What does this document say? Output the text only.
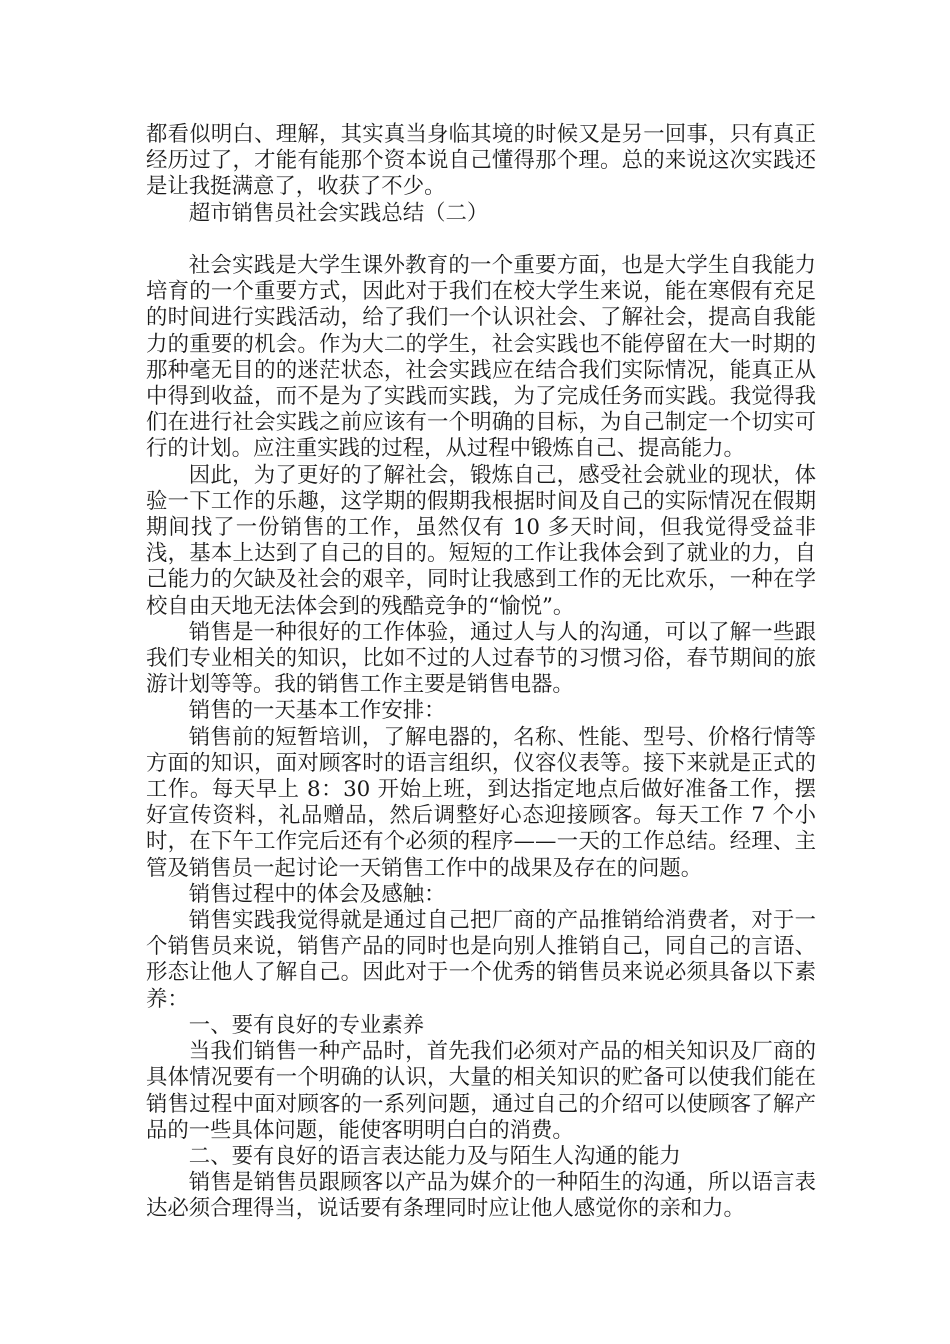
都看似明白、理解，其实真当身临其境的时候又是另一回事，只有真正经历过了，才能有能那个资本说自己懂得那个理。总的来说这次实践还是让我挺满意了，收获了不少。

超市销售员社会实践总结（二）

社会实践是大学生课外教育的一个重要方面，也是大学生自我能力培育的一个重要方式，因此对于我们在校大学生来说，能在寒假有充足的时间进行实践活动，给了我们一个认识社会、了解社会，提高自我能力的重要的机会。作为大二的学生，社会实践也不能停留在大一时期的那种毫无目的的迷茫状态，社会实践应在结合我们实际情况，能真正从中得到收益，而不是为了实践而实践，为了完成任务而实践。我觉得我们在进行社会实践之前应该有一个明确的目标，为自己制定一个切实可行的计划。应注重实践的过程，从过程中锻炼自己、提高能力。

因此，为了更好的了解社会，锻炼自己，感受社会就业的现状，体验一下工作的乐趣，这学期的假期我根据时间及自己的实际情况在假期期间找了一份销售的工作，虽然仅有 10 多天时间，但我觉得受益非浅，基本上达到了自己的目的。短短的工作让我体会到了就业的力，自己能力的欠缺及社会的艰辛，同时让我感到工作的无比欢乐，一种在学校自由天地无法体会到的残酷竞争的“愉悦”。

销售是一种很好的工作体验，通过人与人的沟通，可以了解一些跟我们专业相关的知识，比如不过的人过春节的习惯习俗，春节期间的旅游计划等等。我的销售工作主要是销售电器。

销售的一天基本工作安排：

销售前的短暂培训，了解电器的，名称、性能、型号、价格行情等方面的知识，面对顾客时的语言组织，仪容仪表等。接下来就是正式的工作。每天早上 8：30 开始上班，到达指定地点后做好准备工作，摆好宣传资料，礼品赠品，然后调整好心态迎接顾客。每天工作 7 个小时，在下午工作完后还有个必须的程序——一天的工作总结。经理、主管及销售员一起讨论一天销售工作中的战果及存在的问题。

销售过程中的体会及感触：

销售实践我觉得就是通过自己把厂商的产品推销给消费者，对于一个销售员来说，销售产品的同时也是向别人推销自己，同自己的言语、形态让他人了解自己。因此对于一个优秀的销售员来说必须具备以下素养：

一、要有良好的专业素养

当我们销售一种产品时，首先我们必须对产品的相关知识及厂商的具体情况要有一个明确的认识，大量的相关知识的贮备可以使我们能在销售过程中面对顾客的一系列问题，通过自己的介绍可以使顾客了解产品的一些具体问题，能使客明明白白的消费。

二、要有良好的语言表达能力及与陌生人沟通的能力

销售是销售员跟顾客以产品为媒介的一种陌生的沟通，所以语言表达必须合理得当，说话要有条理同时应让他人感觉你的亲和力。
